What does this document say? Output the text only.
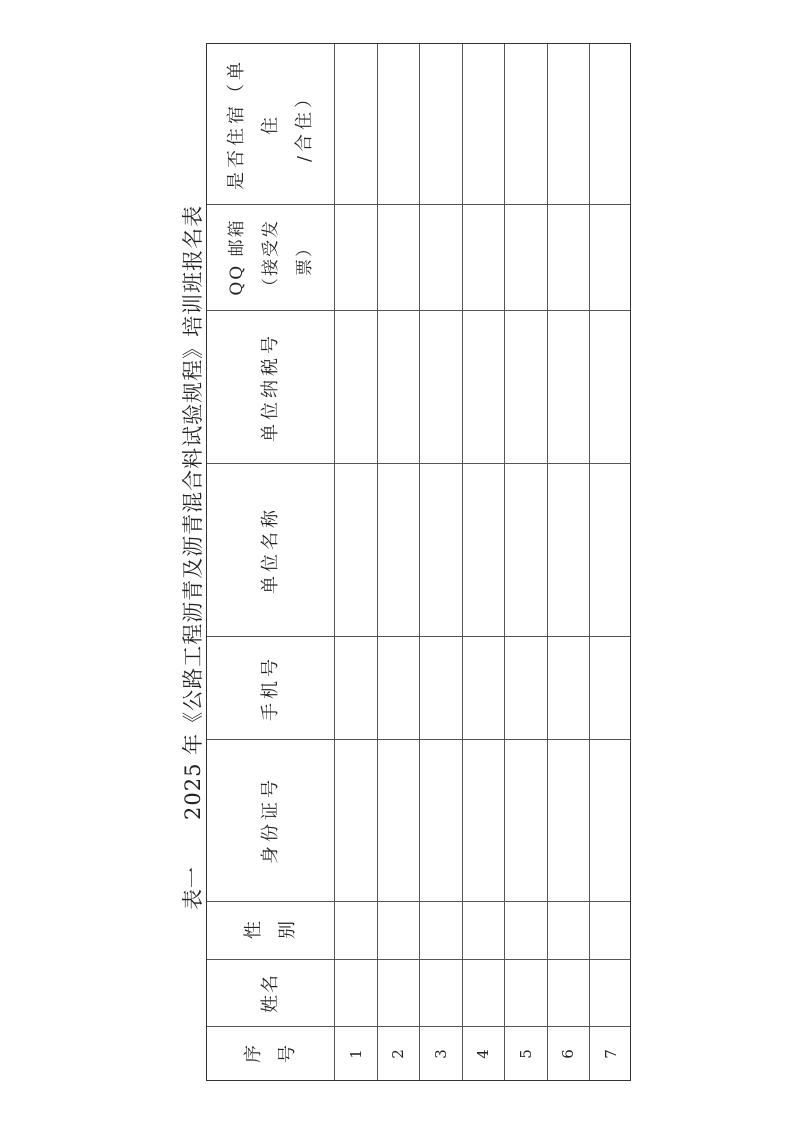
表一
2025 年《公路工程沥青及沥青混合料试验规程》培训班报名表
是否住宿（单住 /合住）
QQ 邮箱 （接受发 票）
单位纳税号
单位名称
手机号
身份证号
性 别
姓名
序 号	1 2 3 4 5 6 7
